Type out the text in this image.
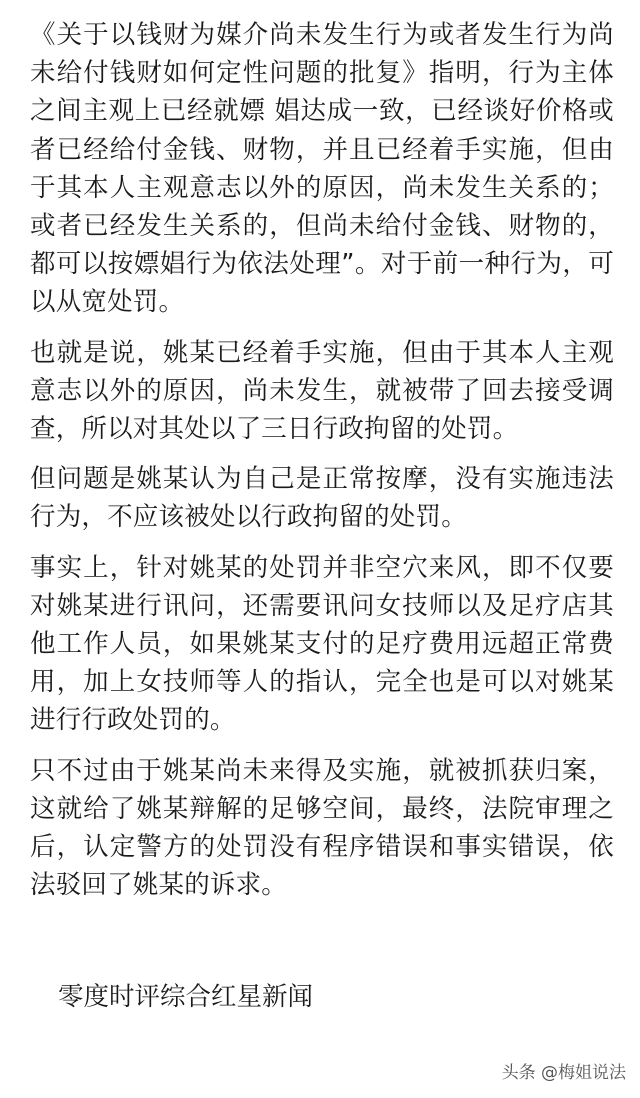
《关于以钱财为媒介尚未发生行为或者发生行为尚未给付钱财如何定性问题的批复》指明，行为主体之间主观上已经就嫖 娼达成一致，已经谈好价格或者已经给付金钱、财物，并且已经着手实施，但由于其本人主观意志以外的原因，尚未发生关系的；或者已经发生关系的，但尚未给付金钱、财物的，都可以按嫖娼行为依法处理”。对于前一种行为，可以从宽处罚。

也就是说，姚某已经着手实施，但由于其本人主观意志以外的原因，尚未发生，就被带了回去接受调查，所以对其处以了三日行政拘留的处罚。

但问题是姚某认为自己是正常按摩，没有实施违法行为，不应该被处以行政拘留的处罚。

事实上，针对姚某的处罚并非空穴来风，即不仅要对姚某进行讯问，还需要讯问女技师以及足疗店其他工作人员，如果姚某支付的足疗费用远超正常费用，加上女技师等人的指认，完全也是可以对姚某进行行政处罚的。

只不过由于姚某尚未来得及实施，就被抓获归案，这就给了姚某辩解的足够空间，最终，法院审理之后，认定警方的处罚没有程序错误和事实错误，依法驳回了姚某的诉求。

零度时评综合红星新闻

头条 @梅姐说法
